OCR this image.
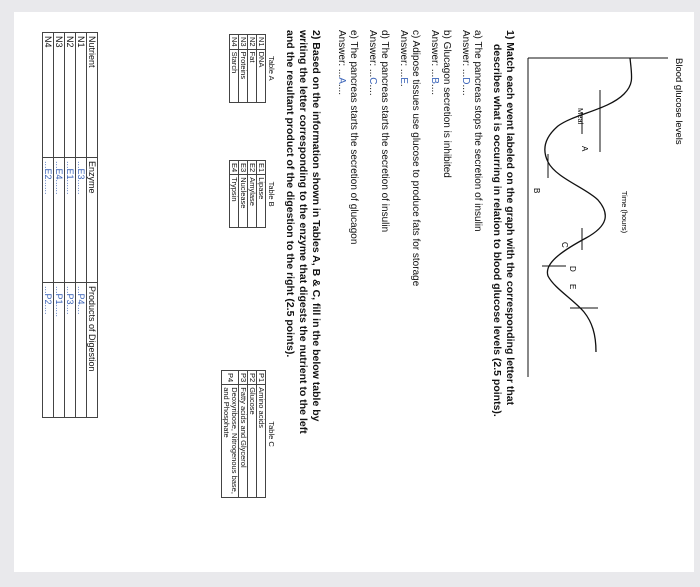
Blood glucose levels
Meal
A
B
C
D
E
Time (hours)
1) Match each event labeled on the graph with the corresponding letter that
describes what is occurring in relation to blood glucose levels (2.5 points).
a) The pancreas stops the secretion of insulin
Answer: ...D....
b) Glucagon secretion is inhibited
Answer: ...B....
c) Adipose tissues use glucose to produce fats for storage
Answer: ...E.
d) The pancreas starts the secretion of insulin
Answer: ...C....
e) The pancreas starts the secretion of glucagon
Answer: ...A....
2) Based on the information shown in Tables A, B & C, fill in the below table by
writing the letter corresponding to the enzyme that digests the nutrient to the left
and the resultant product of the digestion to the right (2.5 points).
Table A
N1	DNA
N2	Fat
N3	Proteins
N4	Starch
Table B
E1	Lipase
E2	Amylase
E3	Nuclease
E4	Trypsin
Table C
P1	Amino acids
P2	Glucose
P3	Fatty acids and Glycerol
P4	Deoxyribose, Nitrogenous base, and Phosphate
Nutrient	Enzyme	Products of Digestion
N1	...E3......	...P4....
N2	...E1......	...P3....
N3	...E4......	...P1.....
N4	...E2......	...P2....
